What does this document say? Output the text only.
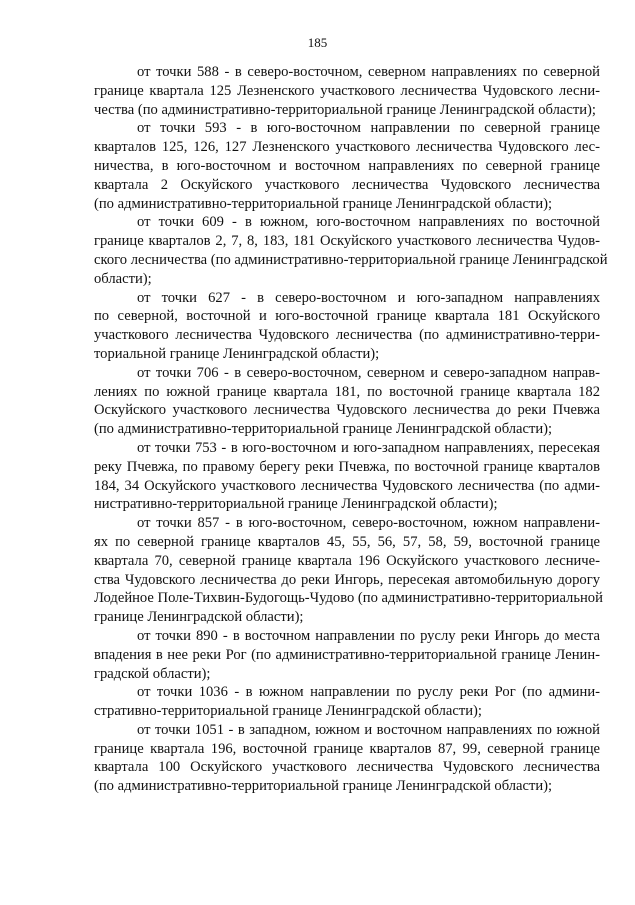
185
от точки 588 - в северо-восточном, северном направлениях по северной
границе квартала 125 Лезненского участкового лесничества Чудовского лесни-
чества (по административно-территориальной границе Ленинградской области);
от точки 593 - в юго-восточном направлении по северной границе
кварталов 125, 126, 127 Лезненского участкового лесничества Чудовского лес-
ничества, в юго-восточном и восточном направлениях по северной границе
квартала 2 Оскуйского участкового лесничества Чудовского лесничества
(по административно-территориальной границе Ленинградской области);
от точки 609 - в южном, юго-восточном направлениях по восточной
границе кварталов 2, 7, 8, 183, 181 Оскуйского участкового лесничества Чудов-
ского лесничества (по административно-территориальной границе Ленинградской
области);
от точки 627 - в северо-восточном и юго-западном направлениях
по северной, восточной и юго-восточной границе квартала 181 Оскуйского
участкового лесничества Чудовского лесничества (по административно-терри-
ториальной границе Ленинградской области);
от точки 706 - в северо-восточном, северном и северо-западном направ-
лениях по южной границе квартала 181, по восточной границе квартала 182
Оскуйского участкового лесничества Чудовского лесничества до реки Пчевжа
(по административно-территориальной границе Ленинградской области);
от точки 753 - в юго-восточном и юго-западном направлениях, пересекая
реку Пчевжа, по правому берегу реки Пчевжа, по восточной границе кварталов
184, 34 Оскуйского участкового лесничества Чудовского лесничества (по адми-
нистративно-территориальной границе Ленинградской области);
от точки 857 - в юго-восточном, северо-восточном, южном направлени-
ях по северной границе кварталов 45, 55, 56, 57, 58, 59, восточной границе
квартала 70, северной границе квартала 196 Оскуйского участкового лесниче-
ства Чудовского лесничества до реки Ингорь, пересекая автомобильную дорогу
Лодейное Поле-Тихвин-Будогощь-Чудово (по административно-территориальной
границе Ленинградской области);
от точки 890 - в восточном направлении по руслу реки Ингорь до места
впадения в нее реки Рог (по административно-территориальной границе Ленин-
градской области);
от точки 1036 - в южном направлении по руслу реки Рог (по админи-
стративно-территориальной границе Ленинградской области);
от точки 1051 - в западном, южном и восточном направлениях по южной
границе квартала 196, восточной границе кварталов 87, 99, северной границе
квартала 100 Оскуйского участкового лесничества Чудовского лесничества
(по административно-территориальной границе Ленинградской области);
